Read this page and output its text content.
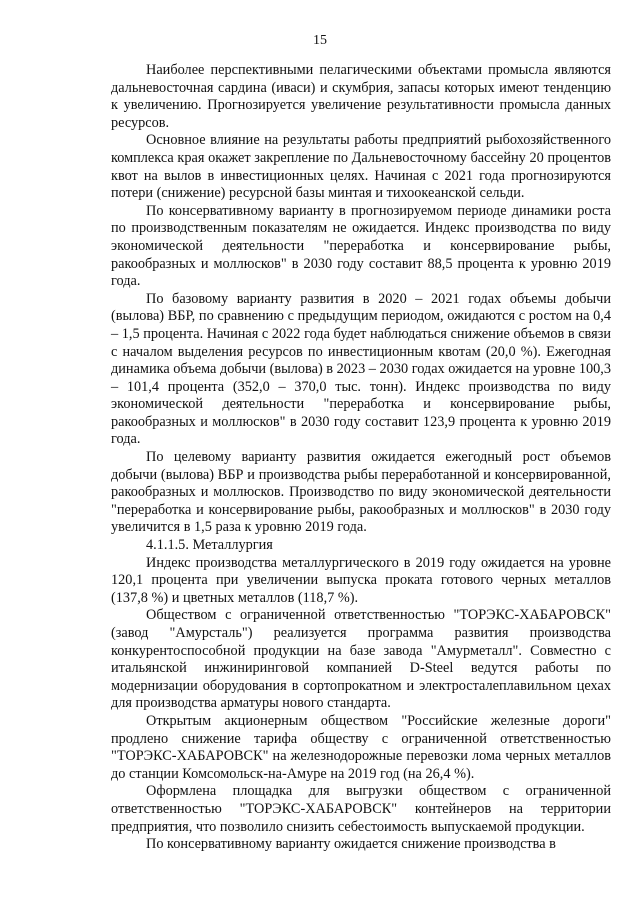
15

Наиболее перспективными пелагическими объектами промысла являются дальневосточная сардина (иваси) и скумбрия, запасы которых имеют тенденцию к увеличению. Прогнозируется увеличение результативности промысла данных ресурсов.

Основное влияние на результаты работы предприятий рыбохозяйственного комплекса края окажет закрепление по Дальневосточному бассейну 20 процентов квот на вылов в инвестиционных целях. Начиная с 2021 года прогнозируются потери (снижение) ресурсной базы минтая и тихоокеанской сельди.

По консервативному варианту в прогнозируемом периоде динамики роста по производственным показателям не ожидается. Индекс производства по виду экономической деятельности "переработка и консервирование рыбы, ракообразных и моллюсков" в 2030 году составит 88,5 процента к уровню 2019 года.

По базовому варианту развития в 2020 – 2021 годах объемы добычи (вылова) ВБР, по сравнению с предыдущим периодом, ожидаются с ростом на 0,4 – 1,5 процента. Начиная с 2022 года будет наблюдаться снижение объемов в связи с началом выделения ресурсов по инвестиционным квотам (20,0 %). Ежегодная динамика объема добычи (вылова) в 2023 – 2030 годах ожидается на уровне 100,3 – 101,4 процента (352,0 – 370,0 тыс. тонн). Индекс производства по виду экономической деятельности "переработка и консервирование рыбы, ракообразных и моллюсков" в 2030 году составит 123,9 процента к уровню 2019 года.

По целевому варианту развития ожидается ежегодный рост объемов добычи (вылова) ВБР и производства рыбы переработанной и консервированной, ракообразных и моллюсков. Производство по виду экономической деятельности "переработка и консервирование рыбы, ракообразных и моллюсков" в 2030 году увеличится в 1,5 раза к уровню 2019 года.

4.1.1.5. Металлургия

Индекс производства металлургического в 2019 году ожидается на уровне 120,1 процента при увеличении выпуска проката готового черных металлов (137,8 %) и цветных металлов (118,7 %).

Обществом с ограниченной ответственностью "ТОРЭКС-ХАБАРОВСК" (завод "Амурсталь") реализуется программа развития производства конкурентоспособной продукции на базе завода "Амурметалл". Совместно с итальянской инжиниринговой компанией D-Steel ведутся работы по модернизации оборудования в сортопрокатном и электросталеплавильном цехах для производства арматуры нового стандарта.

Открытым акционерным обществом "Российские железные дороги" продлено снижение тарифа обществу с ограниченной ответственностью "ТОРЭКС-ХАБАРОВСК" на железнодорожные перевозки лома черных металлов до станции Комсомольск-на-Амуре на 2019 год (на 26,4 %).

Оформлена площадка для выгрузки обществом с ограниченной ответственностью "ТОРЭКС-ХАБАРОВСК" контейнеров на территории предприятия, что позволило снизить себестоимость выпускаемой продукции.

По консервативному варианту ожидается снижение производства в
